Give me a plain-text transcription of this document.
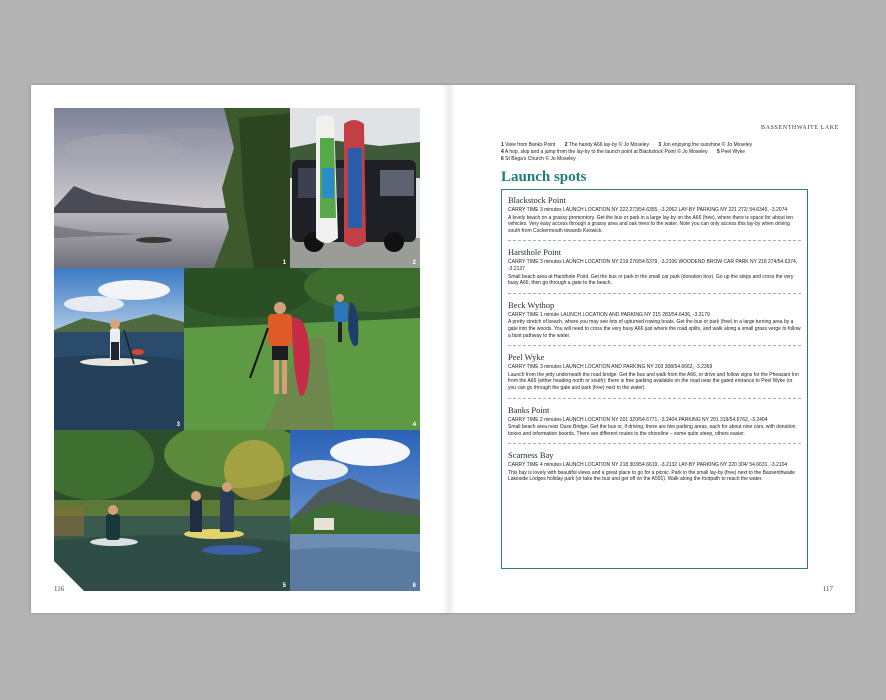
1	2
3	4
5	6
116
BASSENTHWAITE LAKE
1 View from Banks Point 2 The handy A66 lay-by © Jo Moseley 3 Jon enjoying the sunshine © Jo Moseley
4 A hop, skip and a jump from the lay-by to the launch point at Blackstock Point © Jo Moseley 5 Peel Wyke
6 St Bega's Church © Jo Moseley
Launch spots
Blackstock Point
CARRY TIME 3 minutes LAUNCH LOCATION NY 222 273/54.6355, -3.2062 LAY-BY PARKING NY 221 272/ 54.6345, -3.2074

A lovely beach on a grassy promontory. Get the bus or park in a large lay-by on the A66 (free), where there is space for about ten vehicles. Very easy access through a grassy area and oak trees to the water. Note you can only access this lay-by when driving south from Cockermouth towards Keswick.

Harsthole Point
CARRY TIME 3 minutes LAUNCH LOCATION NY 219 276/54.6379, -3.2106 WOODEND BROW CAR PARK NY 218 274/54.6374, -3.2127

Small beach area at Harsthole Point. Get the bus or park in the small car park (donation box). Go up the steps and cross the very busy A66, then go through a gate to the beach.

Beck Wythop
CARRY TIME 1 minute LAUNCH LOCATION AND PARKING NY 215 283/54.6436, -3.2179

A pretty stretch of beach, where you may see lots of upturned rowing boats. Get the bus or park (free) in a large turning area by a gate into the woods. You will need to cross the very busy A66 just where the road splits, and walk along a small grass verge to follow a faint pathway to the water.

Peel Wyke
CARRY TIME 3 minutes LAUNCH LOCATION AND PARKING NY 203 308/54.6662, -3.2369

Launch from the jetty underneath the road bridge. Get the bus and walk from the A66, or drive and follow signs for the Pheasant Inn from the A66 (either heading north or south); there is free parking available on the road near the gated entrance to Peel Wyke (or you can go through the gate and park (free) next to the water).

Banks Point
CARRY TIME 2 minutes LAUNCH LOCATION NY 201 320/54.6771, -3.2404 PARKING NY 201 319/54.6762, -3.2404

Small beach area near Ouse Bridge. Get the bus or, if driving, there are two parking areas, each for about nine cars, with donation boxes and information boards. There are different routes to the shoreline – some quite steep, others easier.

Scarness Bay
CARRY TIME 4 minutes LAUNCH LOCATION NY 218 303/54.6619, -3.2132 LAY-BY PARKING NY 220 304/ 54.6631, -3.2104

This bay is lovely with beautiful views and a great place to go for a picnic. Park in the small lay-by (free) next to the Bassenthwaite Lakeside Lodges holiday park (or take the bus and get off on the A591). Walk along the footpath to reach the water.

117
